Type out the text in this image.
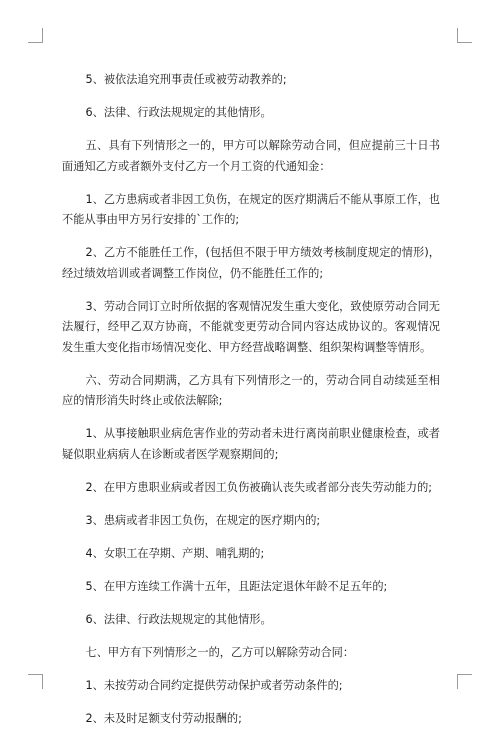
5、被依法追究刑事责任或被劳动教养的;

6、法律、行政法规规定的其他情形。

五、具有下列情形之一的，甲方可以解除劳动合同，但应提前三十日书面通知乙方或者额外支付乙方一个月工资的代通知金：

1、乙方患病或者非因工负伤，在规定的医疗期满后不能从事原工作，也不能从事由甲方另行安排的`工作的;

2、乙方不能胜任工作，(包括但不限于甲方绩效考核制度规定的情形)，经过绩效培训或者调整工作岗位，仍不能胜任工作的;

3、劳动合同订立时所依据的客观情况发生重大变化，致使原劳动合同无法履行，经甲乙双方协商，不能就变更劳动合同内容达成协议的。客观情况发生重大变化指市场情况变化、甲方经营战略调整、组织架构调整等情形。

六、劳动合同期满，乙方具有下列情形之一的，劳动合同自动续延至相应的情形消失时终止或依法解除;

1、从事接触职业病危害作业的劳动者未进行离岗前职业健康检查，或者疑似职业病病人在诊断或者医学观察期间的;

2、在甲方患职业病或者因工负伤被确认丧失或者部分丧失劳动能力的;

3、患病或者非因工负伤，在规定的医疗期内的;

4、女职工在孕期、产期、哺乳期的;

5、在甲方连续工作满十五年，且距法定退休年龄不足五年的;

6、法律、行政法规规定的其他情形。

七、甲方有下列情形之一的，乙方可以解除劳动合同：

1、未按劳动合同约定提供劳动保护或者劳动条件的;

2、未及时足额支付劳动报酬的;
